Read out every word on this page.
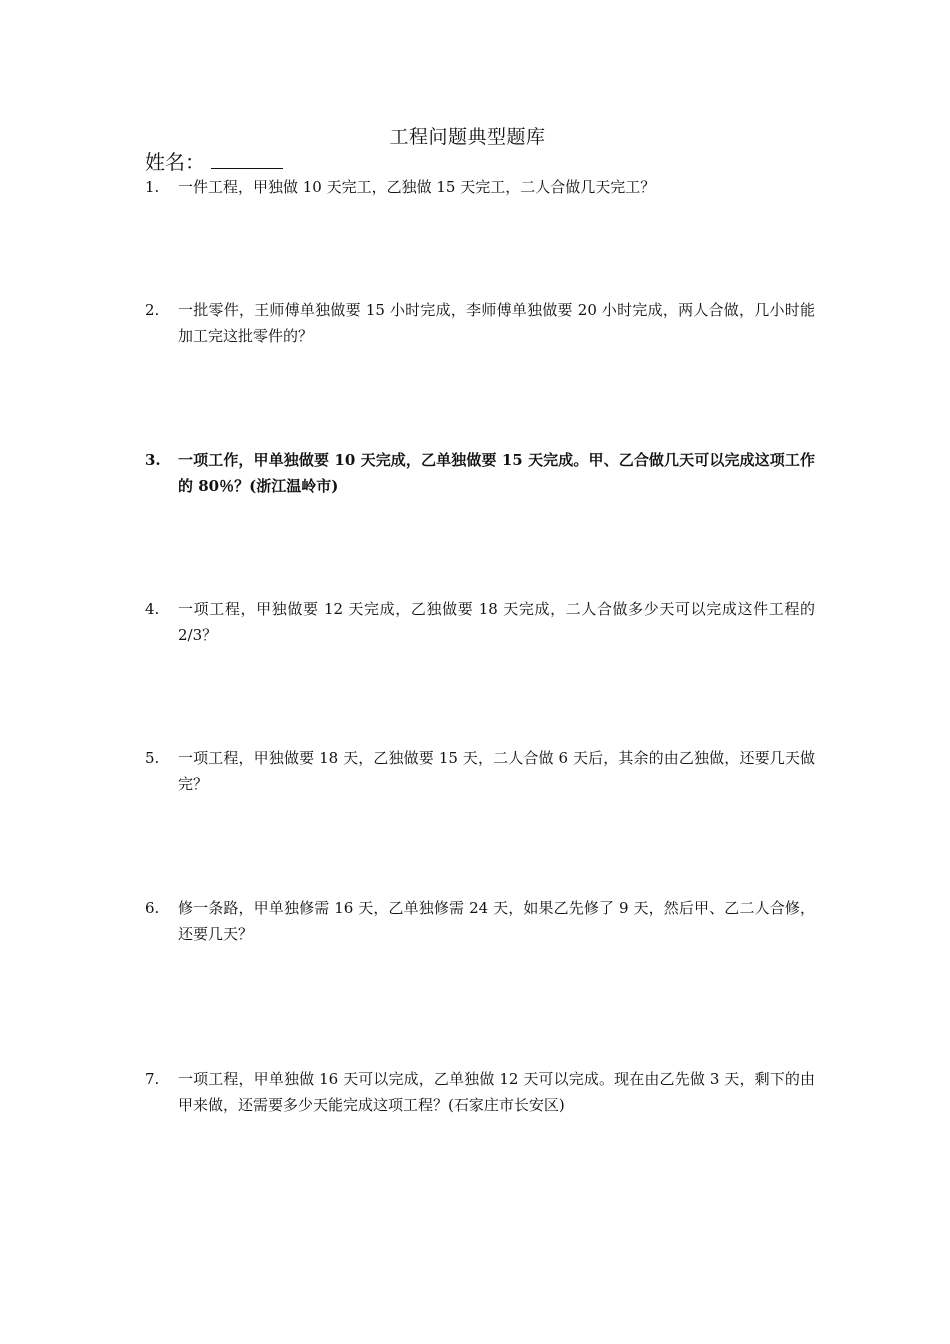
工程问题典型题库
姓名：
1.	一件工程，甲独做 10 天完工，乙独做 15 天完工，二人合做几天完工？
2.	一批零件，王师傅单独做要 15 小时完成，李师傅单独做要 20 小时完成，两人合做，几小时能加工完这批零件的？
3.	一项工作，甲单独做要 10 天完成，乙单独做要 15 天完成。甲、乙合做几天可以完成这项工作的 80％？(浙江温岭市)
4.	一项工程，甲独做要 12 天完成，乙独做要 18 天完成，二人合做多少天可以完成这件工程的 2/3？
5.	一项工程，甲独做要 18 天，乙独做要 15 天，二人合做 6 天后，其余的由乙独做，还要几天做完？
6.	修一条路，甲单独修需 16 天，乙单独修需 24 天，如果乙先修了 9 天，然后甲、乙二人合修，还要几天？
7.	一项工程，甲单独做 16 天可以完成，乙单独做 12 天可以完成。现在由乙先做 3 天，剩下的由甲来做，还需要多少天能完成这项工程？(石家庄市长安区)
